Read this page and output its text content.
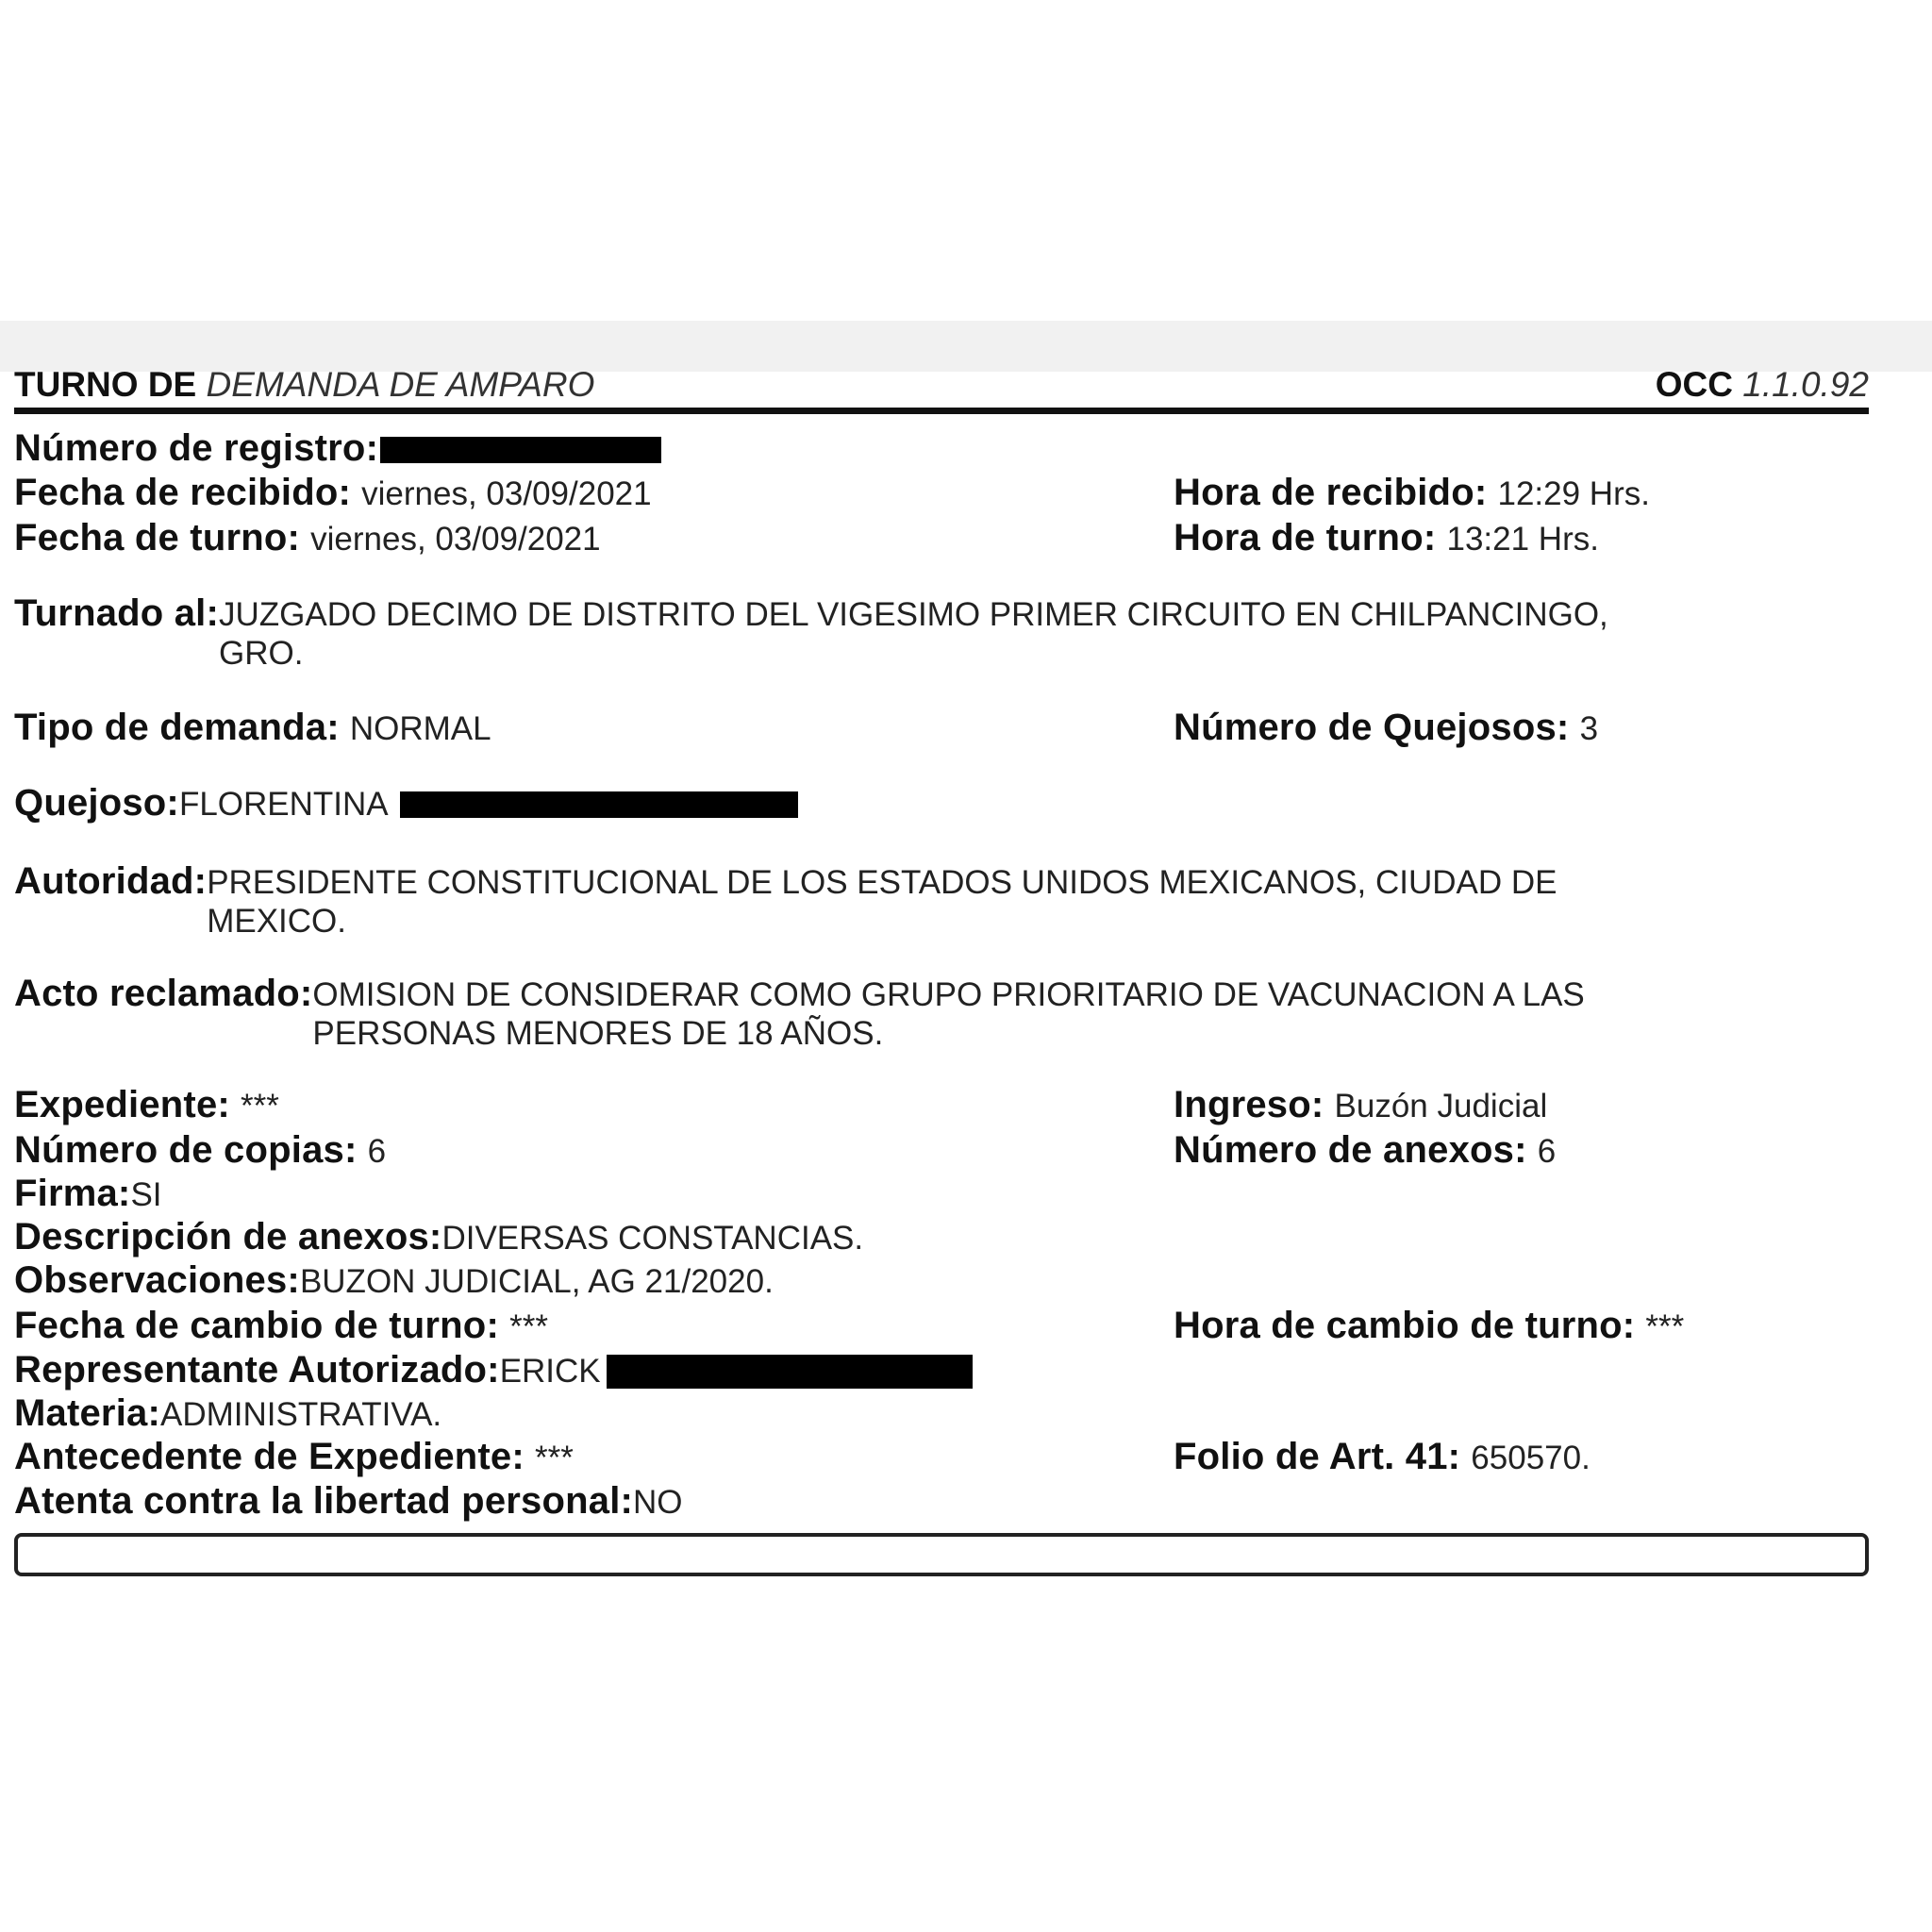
TURNO DE DEMANDA DE AMPARO	OCC 1.1.0.92
Número de registro:
Fecha de recibido: viernes, 03/09/2021	Hora de recibido: 12:29 Hrs.
Fecha de turno: viernes, 03/09/2021	Hora de turno: 13:21 Hrs.
Turnado al: JUZGADO DECIMO DE DISTRITO DEL VIGESIMO PRIMER CIRCUITO EN CHILPANCINGO,
GRO.
Tipo de demanda: NORMAL	Número de Quejosos: 3
Quejoso:FLORENTINA
Autoridad: PRESIDENTE CONSTITUCIONAL DE LOS ESTADOS UNIDOS MEXICANOS, CIUDAD DE
MEXICO.
Acto reclamado: OMISION DE CONSIDERAR COMO GRUPO PRIORITARIO DE VACUNACION A LAS
PERSONAS MENORES DE 18 AÑOS.
Expediente: ***	Ingreso: Buzón Judicial
Número de copias: 6	Número de anexos: 6
Firma:SI
Descripción de anexos:DIVERSAS CONSTANCIAS.
Observaciones:BUZON JUDICIAL, AG 21/2020.
Fecha de cambio de turno: ***	Hora de cambio de turno: ***
Representante Autorizado:ERICK
Materia:ADMINISTRATIVA.
Antecedente de Expediente: ***	Folio de Art. 41: 650570.
Atenta contra la libertad personal:NO
